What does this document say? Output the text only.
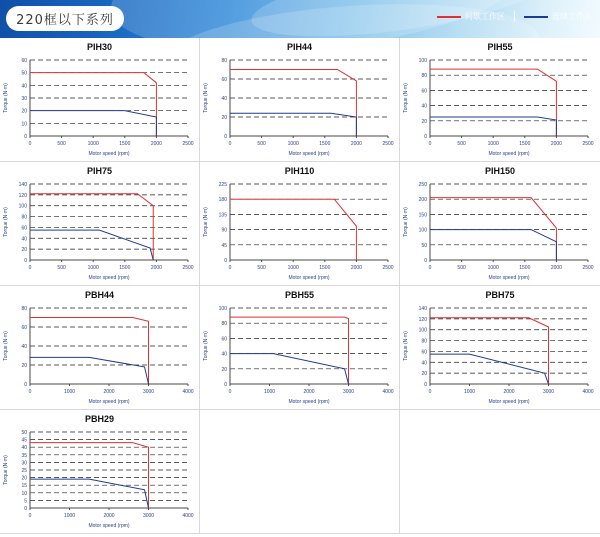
220框以下系列	间歇工作区	连续工作区
PIH30
0
10
20
30
40
50
60
0	500	1000	1500	2000	2500
Motor speed (rpm)
Torque (N·m)
PIH44
0
20
40
60
80
0	500	1000	1500	2000	2500
Motor speed (rpm)
Torque (N·m)
PIH55
0
20
40
60
80
100
0	500	1000	1500	2000	2500
Motor speed (rpm)
Torque (N·m)
PIH75
0
20
40
60
80
100
120
140
0	500	1000	1500	2000	2500
Motor speed (rpm)
Torque (N·m)
PIH110
0
45
90
135
180
225
0	500	1000	1500	2000	2500
Motor speed (rpm)
Torque (N·m)
PIH150
0
50
100
150
200
250
0	500	1000	1500	2000	2500
Motor speed (rpm)
Torque (N·m)
PBH44
0
20
40
60
80
0	1000	2000	3000	4000
Motor speed (rpm)
Torque (N·m)
PBH55
0
20
40
60
80
100
0	1000	2000	3000	4000
Motor speed (rpm)
Torque (N·m)
PBH75
0
20
40
60
80
100
120
140
0	1000	2000	3000	4000
Motor speed (rpm)
Torque (N·m)
PBH29
0
5
10
15
20
25
30
35
40
45
50
0	1000	2000	3000	4000
Motor speed (rpm)
Torque (N·m)
